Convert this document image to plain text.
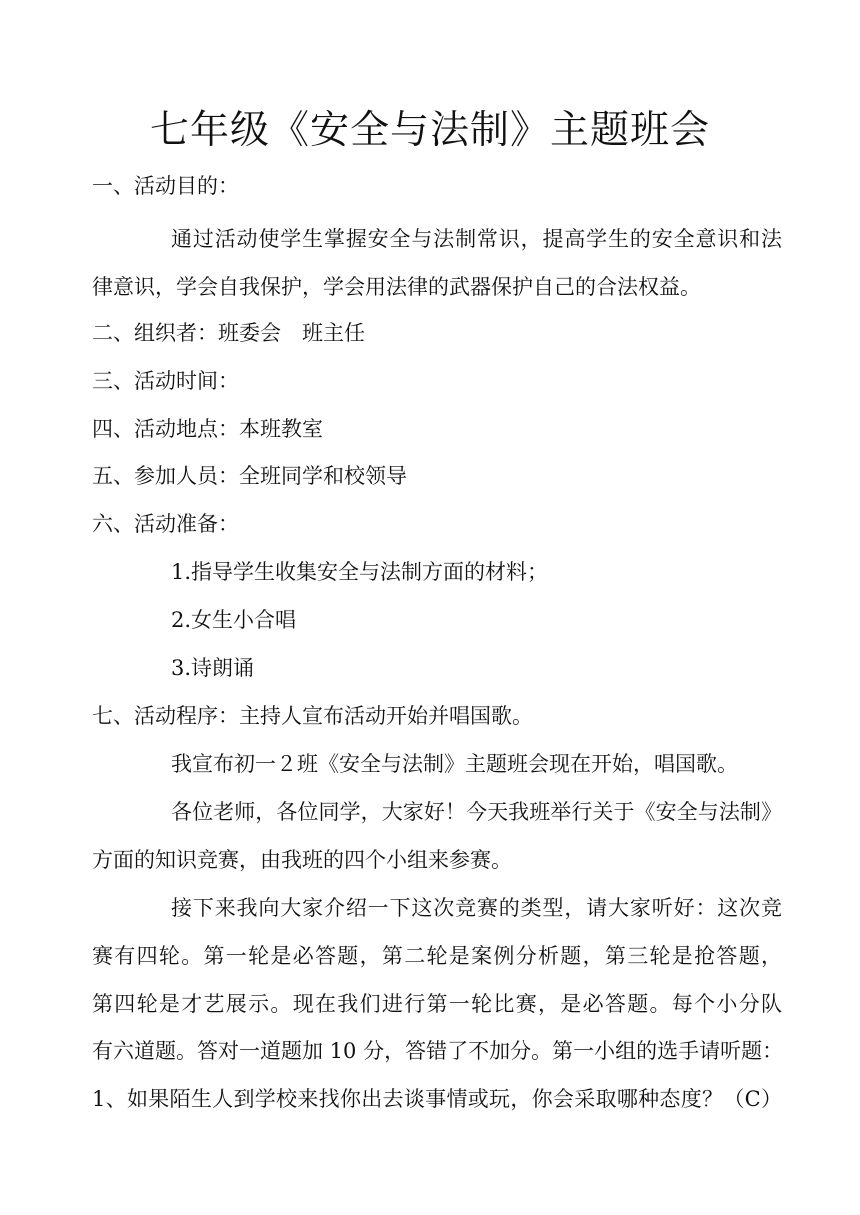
七年级《安全与法制》主题班会
一、活动目的：
通过活动使学生掌握安全与法制常识，提高学生的安全意识和法
律意识，学会自我保护，学会用法律的武器保护自己的合法权益。
二、组织者：班委会　班主任
三、活动时间：
四、活动地点：本班教室
五、参加人员：全班同学和校领导
六、活动准备：
1.指导学生收集安全与法制方面的材料；
2.女生小合唱
3.诗朗诵
七、活动程序：主持人宣布活动开始并唱国歌。
我宣布初一２班《安全与法制》主题班会现在开始，唱国歌。
各位老师，各位同学，大家好！今天我班举行关于《安全与法制》
方面的知识竞赛，由我班的四个小组来参赛。
接下来我向大家介绍一下这次竞赛的类型，请大家听好：这次竞
赛有四轮。第一轮是必答题，第二轮是案例分析题，第三轮是抢答题，
第四轮是才艺展示。现在我们进行第一轮比赛，是必答题。每个小分队
有六道题。答对一道题加 10 分，答错了不加分。第一小组的选手请听题：
1、如果陌生人到学校来找你出去谈事情或玩，你会采取哪种态度？（C）
